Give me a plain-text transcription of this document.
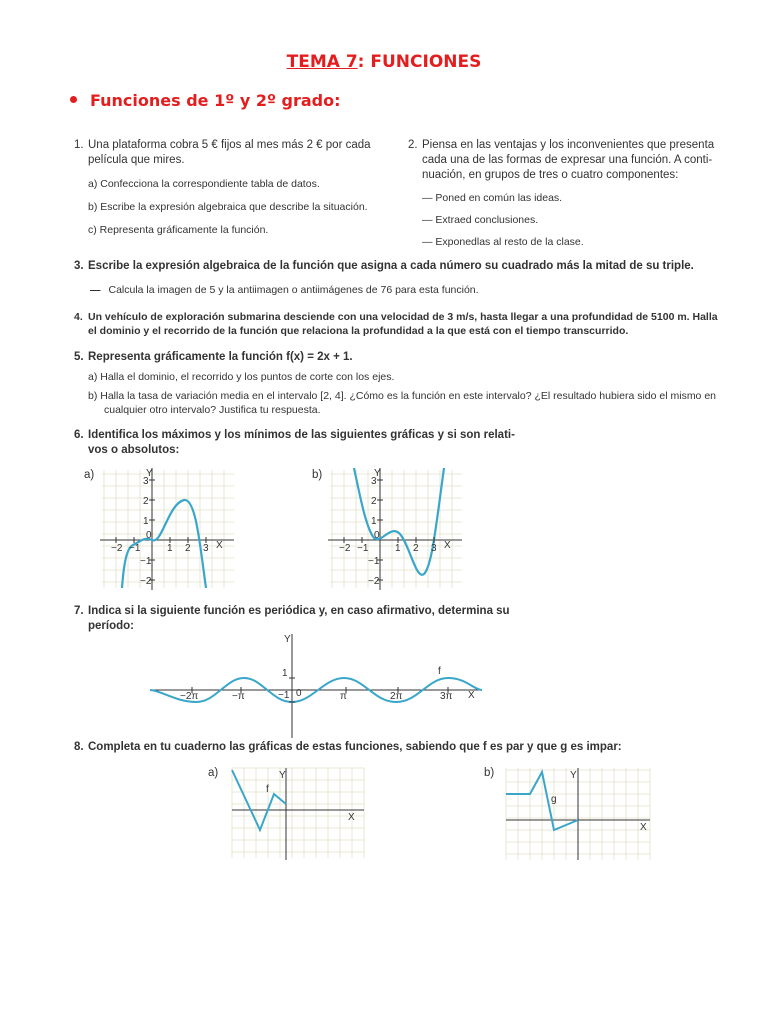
TEMA 7: FUNCIONES
Funciones de 1º y 2º grado:
1. Una plataforma cobra 5 € fijos al mes más 2 € por cada
película que mires.
a) Confecciona la correspondiente tabla de datos.
b) Escribe la expresión algebraica que describe la situación.
c) Representa gráficamente la función.
2. Piensa en las ventajas y los inconvenientes que presenta
cada una de las formas de expresar una función. A conti-
nuación, en grupos de tres o cuatro componentes:
— Poned en común las ideas.
— Extraed conclusiones.
— Exponedlas al resto de la clase.
3. Escribe la expresión algebraica de la función que asigna a cada número su cuadrado más la mitad de su triple.
— Calcula la imagen de 5 y la antiimagen o antiimágenes de 76 para esta función.
4. Un vehículo de exploración submarina desciende con una velocidad de 3 m/s, hasta llegar a una profundidad de 5100 m. Halla
el dominio y el recorrido de la función que relaciona la profundidad a la que está con el tiempo transcurrido.
5. Representa gráficamente la función f(x) = 2x + 1.
a) Halla el dominio, el recorrido y los puntos de corte con los ejes.
b) Halla la tasa de variación media en el intervalo [2, 4]. ¿Cómo es la función en este intervalo? ¿El resultado hubiera sido el mismo en
cualquier otro intervalo? Justifica tu respuesta.
6. Identifica los máximos y los mínimos de las siguientes gráficas y si son relati-
vos o absolutos:
a)	b)
Y
X
0
−2 −1	1 2 3
3
2
1
−1
−2
Y
X
0
−2 −1	1 2 3
3
2
1
−1
−2
7. Indica si la siguiente función es periódica y, en caso afirmativo, determina su
período:
Y
X
f
0
1
−1
−2π	−π	π	2π	3π
8. Completa en tu cuaderno las gráficas de estas funciones, sabiendo que f es par y que g es impar:
a)	b)
Y
X
f
Y
X
g
